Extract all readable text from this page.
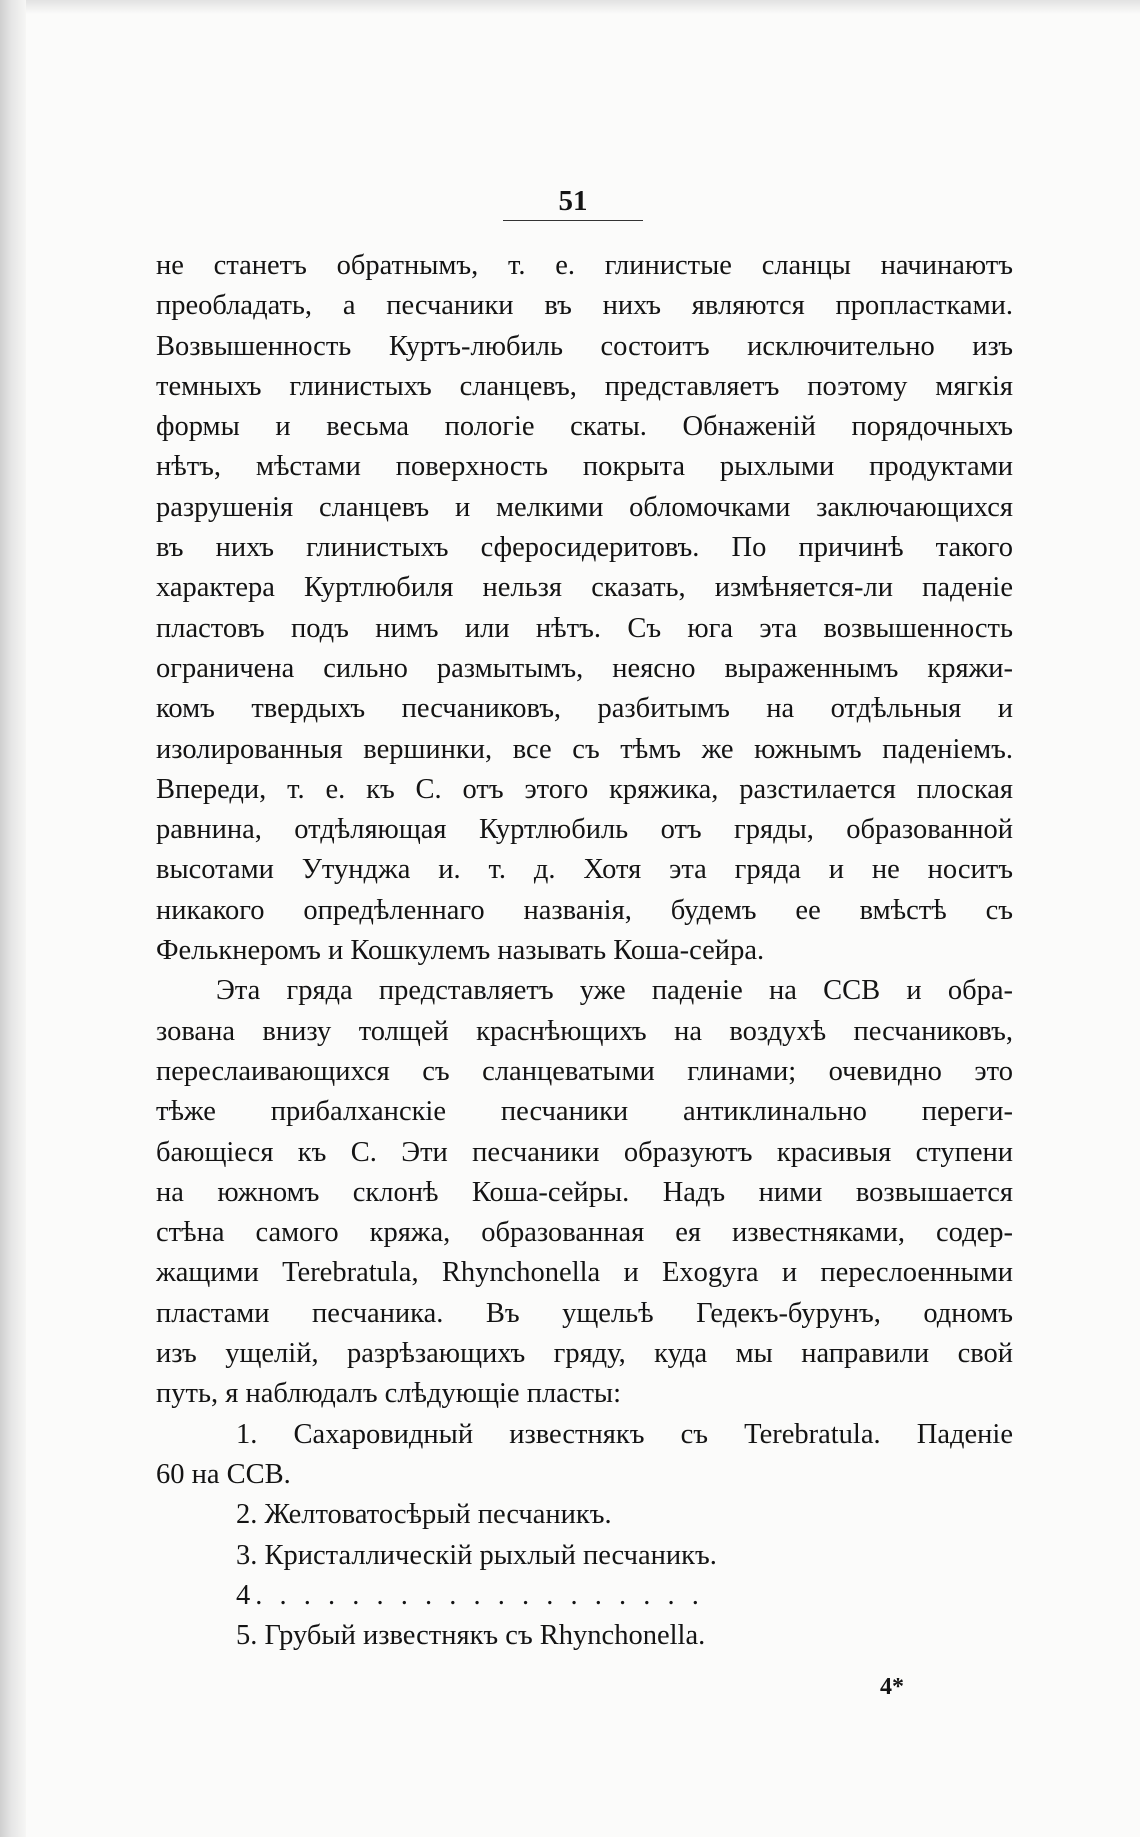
51
не станетъ обратнымъ, т. е. глинистые сланцы начинаютъ
преобладать, а песчаники въ нихъ являются пропластками.
Возвышенность Куртъ-любиль состоитъ исключительно изъ
темныхъ глинистыхъ сланцевъ, представляетъ поэтому мягкія
формы и весьма пологіе скаты. Обнаженій порядочныхъ
нѣтъ, мѣстами поверхность покрыта рыхлыми продуктами
разрушенія сланцевъ и мелкими обломочками заключающихся
въ нихъ глинистыхъ сферосидеритовъ. По причинѣ такого
характера Куртлюбиля нельзя сказать, измѣняется-ли паденіе
пластовъ подъ нимъ или нѣтъ. Съ юга эта возвышенность
ограничена сильно размытымъ, неясно выраженнымъ кряжи-
комъ твердыхъ песчаниковъ, разбитымъ на отдѣльныя и
изолированныя вершинки, все съ тѣмъ же южнымъ паденіемъ.
Впереди, т. е. къ С. отъ этого кряжика, разстилается плоская
равнина, отдѣляющая Куртлюбиль отъ гряды, образованной
высотами Утунджа и. т. д. Хотя эта гряда и не носитъ
никакого опредѣленнаго названія, будемъ ее вмѣстѣ съ
Фелькнеромъ и Кошкулемъ называть Коша-сейра.
Эта гряда представляетъ уже паденіе на ССВ и обра-
зована внизу толщей краснѣющихъ на воздухѣ песчаниковъ,
переслаивающихся съ сланцеватыми глинами; очевидно это
тѣже прибалханскіе песчаники антиклинально переги-
бающіеся къ С. Эти песчаники образуютъ красивыя ступени
на южномъ склонѣ Коша-сейры. Надъ ними возвышается
стѣна самого кряжа, образованная ея известняками, содер-
жащими Terebratula, Rhynchonella и Exogyra и переслоенными
пластами песчаника. Въ ущельѣ Гедекъ-бурунъ, одномъ
изъ ущелій, разрѣзающихъ гряду, куда мы направили свой
путь, я наблюдалъ слѣдующіе пласты:
1. Сахаровидный известнякъ съ Terebratula. Паденіе
60 на ССВ.
2. Желтоватосѣрый песчаникъ.
3. Кристаллическій рыхлый песчаникъ.
4. . . . . . . . . . . . . . . . . . .
5. Грубый известнякъ съ Rhynchonella.
4*
